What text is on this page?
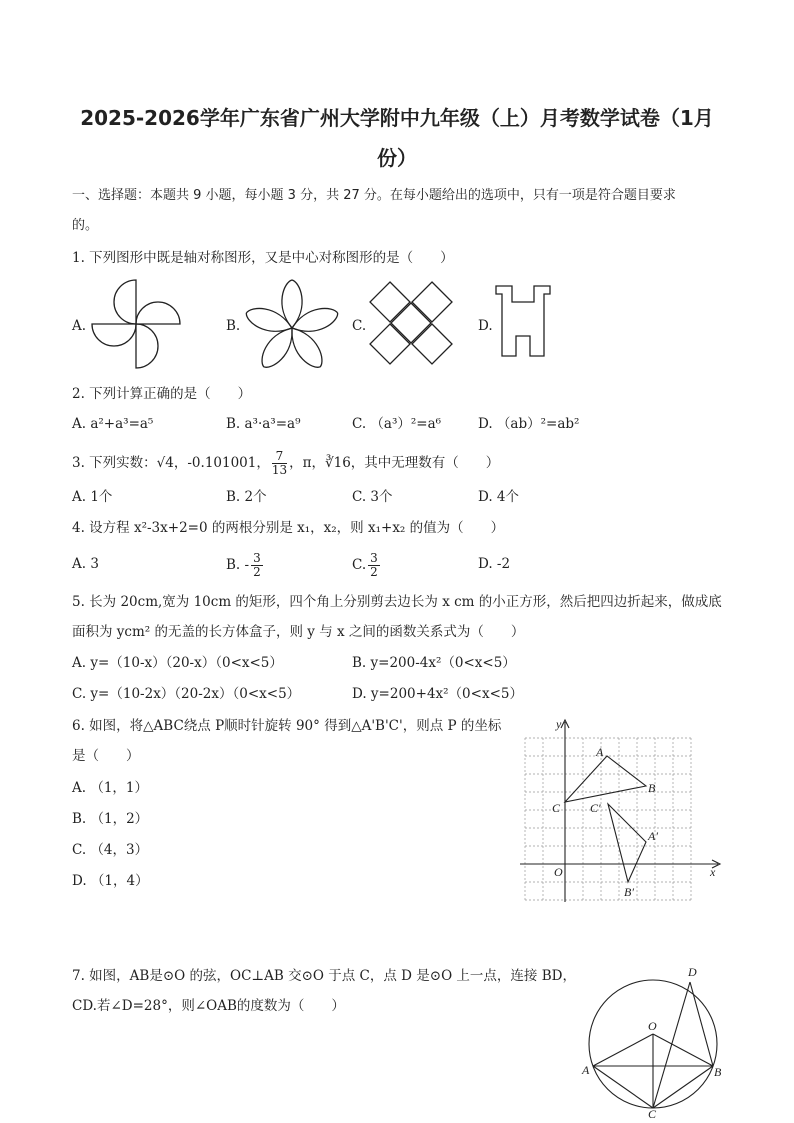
2025-2026学年广东省广州大学附中九年级（上）月考数学试卷（1月
份）
一、选择题：本题共 9 小题，每小题 3 分，共 27 分。在每小题给出的选项中，只有一项是符合题目要求
的。
1. 下列图形中既是轴对称图形，又是中心对称图形的是（　　）
A.	B.	C.	D.
2. 下列计算正确的是（　　）
A. a²+a³=a⁵	B. a³·a³=a⁹	C. （a³）²=a⁶	D. （ab）²=ab²
3. 下列实数：√4，-0.101001， $\frac{7}{13}$ ，π，∛16，其中无理数有（　　）
A. 1个	B. 2个	C. 3个	D. 4个
4. 设方程 x²-3x+2=0 的两根分别是 x₁，x₂，则 x₁+x₂ 的值为（　　）
A. 3	B. - $\frac{3}{2}$	C. $\frac{3}{2}$	D. -2
5. 长为 20cm,宽为 10cm 的矩形，四个角上分别剪去边长为 x cm 的小正方形，然后把四边折起来，做成底
面积为 ycm² 的无盖的长方体盒子，则 y 与 x 之间的函数关系式为（　　）
A. y=（10-x）（20-x）（0<x<5）	B. y=200-4x²（0<x<5）
C. y=（10-2x）（20-2x）（0<x<5）	D. y=200+4x²（0<x<5）
6. 如图，将△ABC绕点 P顺时针旋转 90° 得到△A'B'C'，则点 P 的坐标
是（　　）
A. （1，1）
B. （1，2）
C. （4，3）
D. （1，4）
y
x
O
A
B
C
A′
B′
C′
7. 如图，AB是⊙O 的弦，OC⊥AB 交⊙O 于点 C，点 D 是⊙O 上一点，连接 BD，
CD.若∠D=28°，则∠OAB的度数为（　　）
A	B
C
D
O
